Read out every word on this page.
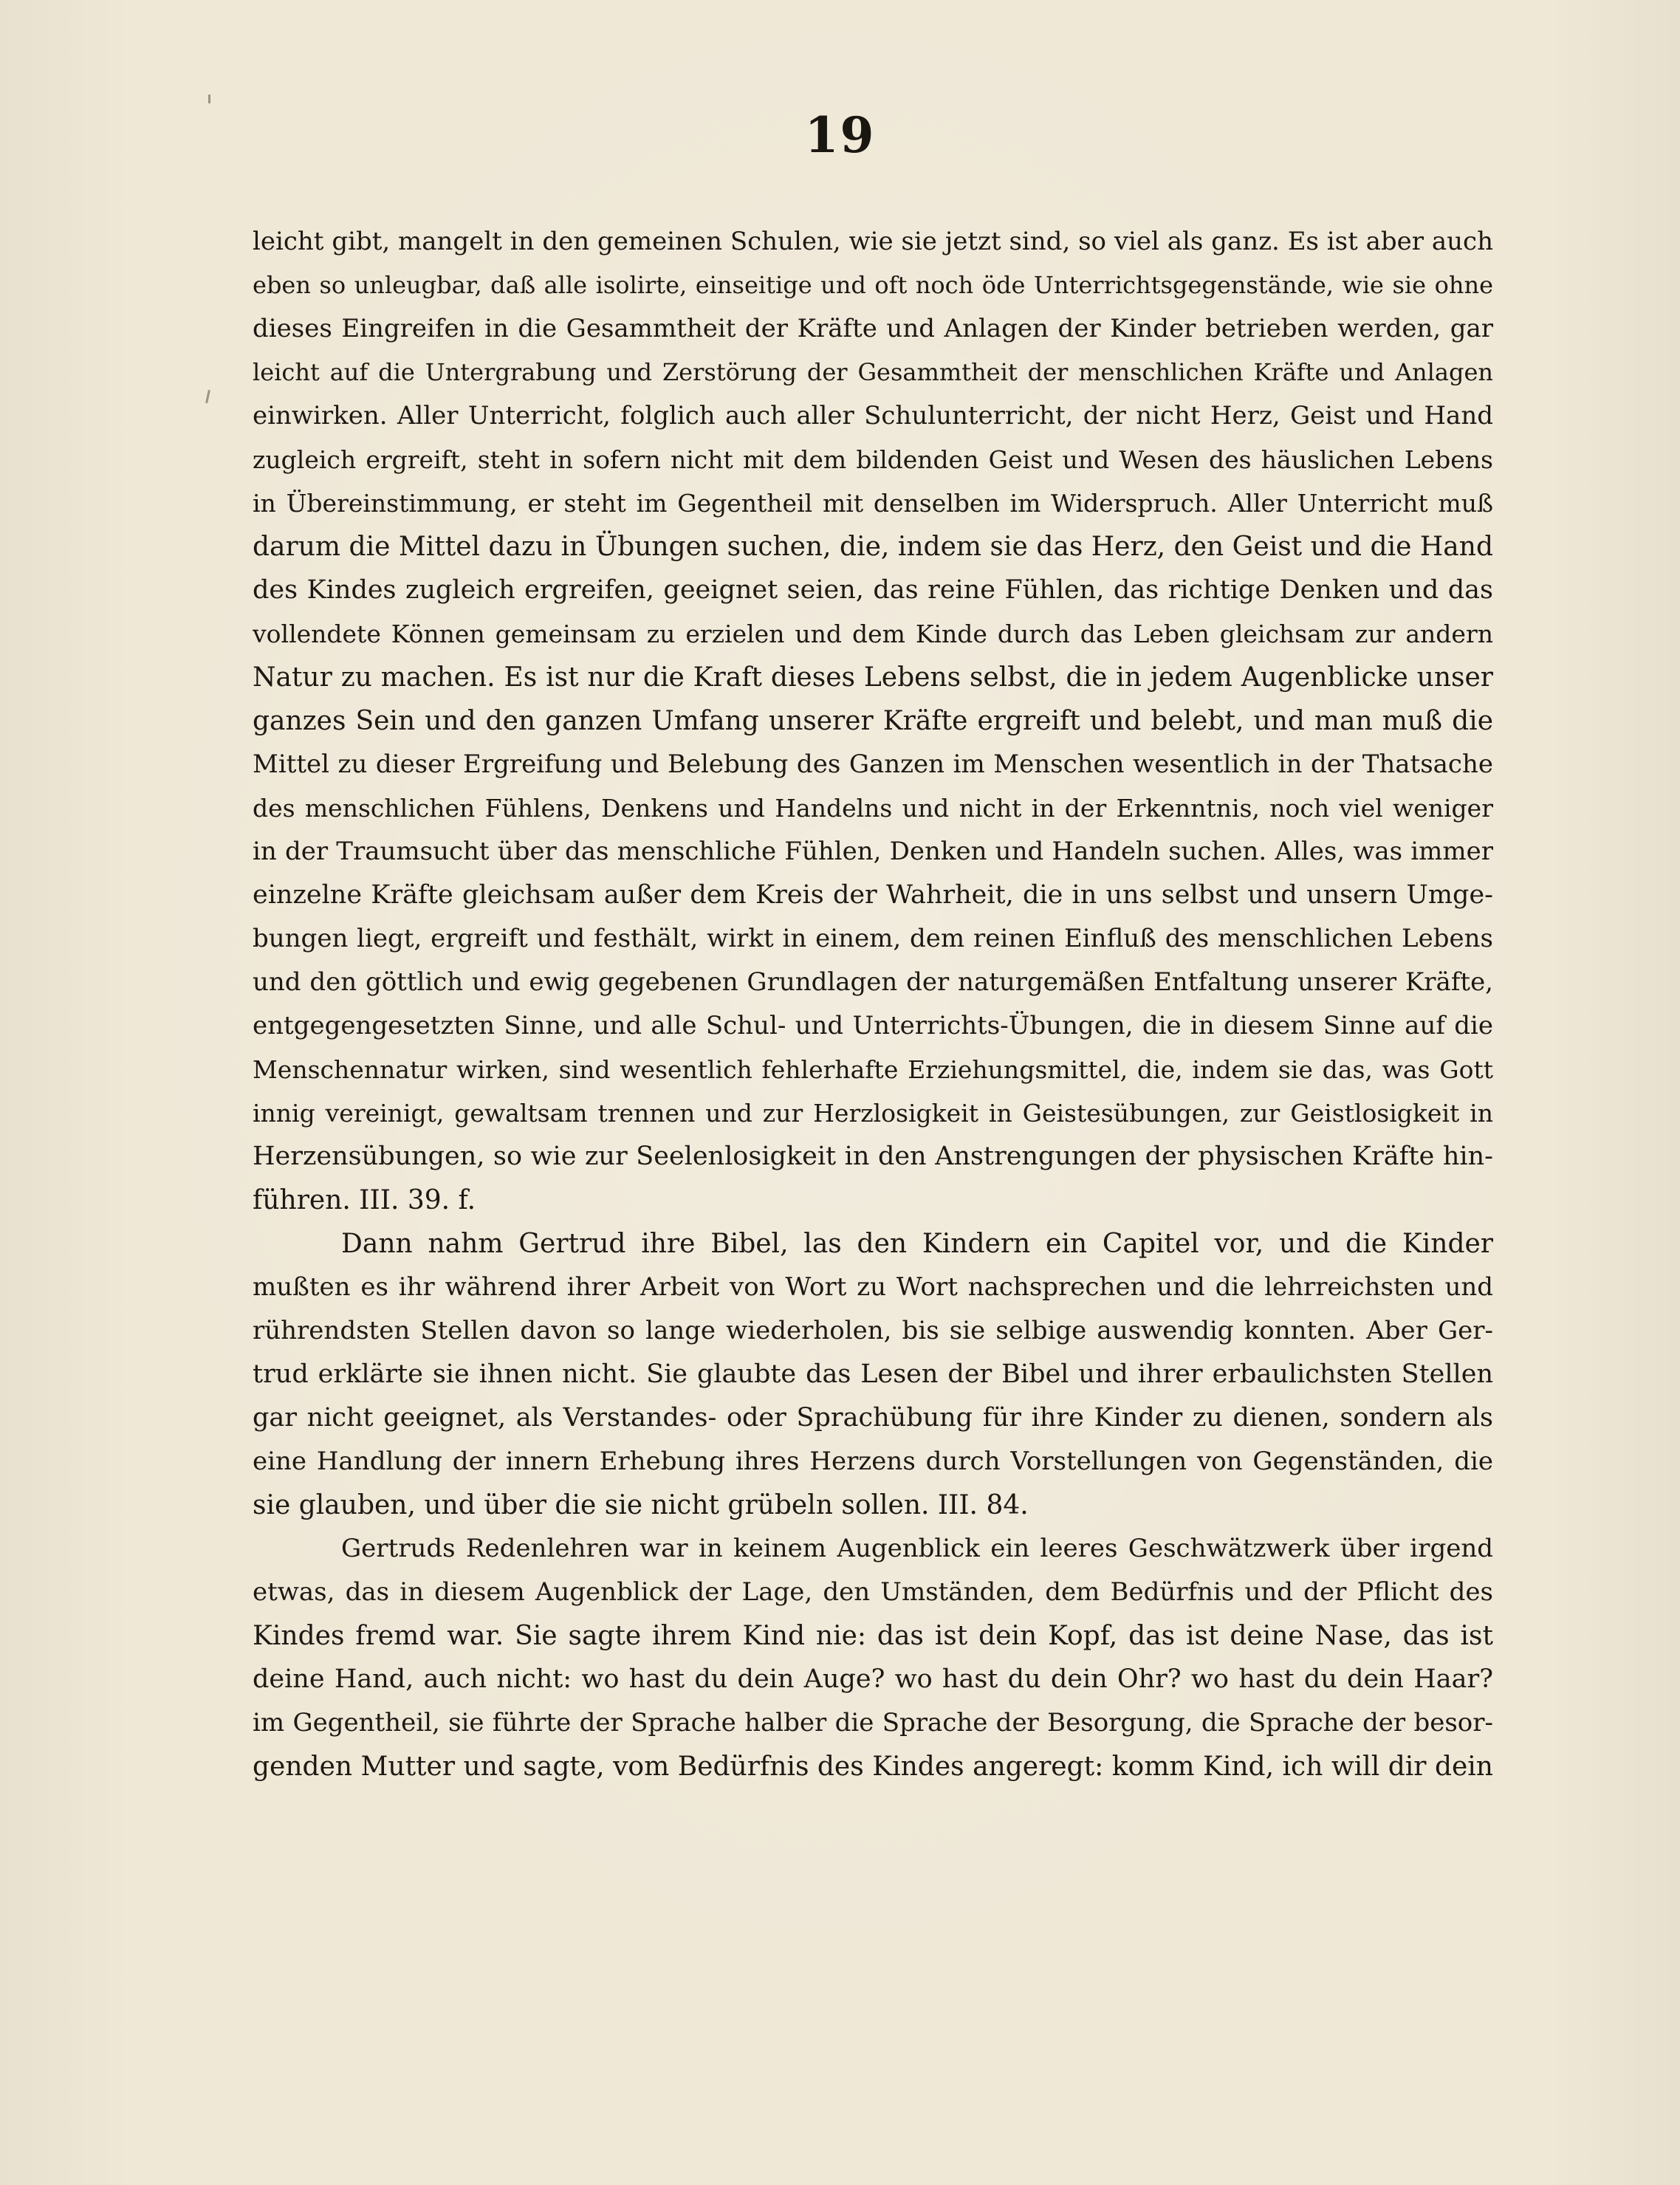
19
leicht gibt, mangelt in den gemeinen Schulen, wie sie jetzt sind, so viel als ganz. Es ist aber auch
eben so unleugbar, daß alle isolirte, einseitige und oft noch öde Unterrichtsgegenstände, wie sie ohne
dieses Eingreifen in die Gesammtheit der Kräfte und Anlagen der Kinder betrieben werden, gar
leicht auf die Untergrabung und Zerstörung der Gesammtheit der menschlichen Kräfte und Anlagen
einwirken. Aller Unterricht, folglich auch aller Schulunterricht, der nicht Herz, Geist und Hand
zugleich ergreift, steht in sofern nicht mit dem bildenden Geist und Wesen des häuslichen Lebens
in Übereinstimmung, er steht im Gegentheil mit denselben im Widerspruch. Aller Unterricht muß
darum die Mittel dazu in Übungen suchen, die, indem sie das Herz, den Geist und die Hand
des Kindes zugleich ergreifen, geeignet seien, das reine Fühlen, das richtige Denken und das
vollendete Können gemeinsam zu erzielen und dem Kinde durch das Leben gleichsam zur andern
Natur zu machen. Es ist nur die Kraft dieses Lebens selbst, die in jedem Augenblicke unser
ganzes Sein und den ganzen Umfang unserer Kräfte ergreift und belebt, und man muß die
Mittel zu dieser Ergreifung und Belebung des Ganzen im Menschen wesentlich in der Thatsache
des menschlichen Fühlens, Denkens und Handelns und nicht in der Erkenntnis, noch viel weniger
in der Traumsucht über das menschliche Fühlen, Denken und Handeln suchen. Alles, was immer
einzelne Kräfte gleichsam außer dem Kreis der Wahrheit, die in uns selbst und unsern Umge-
bungen liegt, ergreift und festhält, wirkt in einem, dem reinen Einfluß des menschlichen Lebens
und den göttlich und ewig gegebenen Grundlagen der naturgemäßen Entfaltung unserer Kräfte,
entgegengesetzten Sinne, und alle Schul- und Unterrichts-Übungen, die in diesem Sinne auf die
Menschennatur wirken, sind wesentlich fehlerhafte Erziehungsmittel, die, indem sie das, was Gott
innig vereinigt, gewaltsam trennen und zur Herzlosigkeit in Geistesübungen, zur Geistlosigkeit in
Herzensübungen, so wie zur Seelenlosigkeit in den Anstrengungen der physischen Kräfte hin-
führen. III. 39. f.
Dann nahm Gertrud ihre Bibel, las den Kindern ein Capitel vor, und die Kinder
mußten es ihr während ihrer Arbeit von Wort zu Wort nachsprechen und die lehrreichsten und
rührendsten Stellen davon so lange wiederholen, bis sie selbige auswendig konnten. Aber Ger-
trud erklärte sie ihnen nicht. Sie glaubte das Lesen der Bibel und ihrer erbaulichsten Stellen
gar nicht geeignet, als Verstandes- oder Sprachübung für ihre Kinder zu dienen, sondern als
eine Handlung der innern Erhebung ihres Herzens durch Vorstellungen von Gegenständen, die
sie glauben, und über die sie nicht grübeln sollen. III. 84.
Gertruds Redenlehren war in keinem Augenblick ein leeres Geschwätzwerk über irgend
etwas, das in diesem Augenblick der Lage, den Umständen, dem Bedürfnis und der Pflicht des
Kindes fremd war. Sie sagte ihrem Kind nie: das ist dein Kopf, das ist deine Nase, das ist
deine Hand, auch nicht: wo hast du dein Auge? wo hast du dein Ohr? wo hast du dein Haar?
im Gegentheil, sie führte der Sprache halber die Sprache der Besorgung, die Sprache der besor-
genden Mutter und sagte, vom Bedürfnis des Kindes angeregt: komm Kind, ich will dir dein
